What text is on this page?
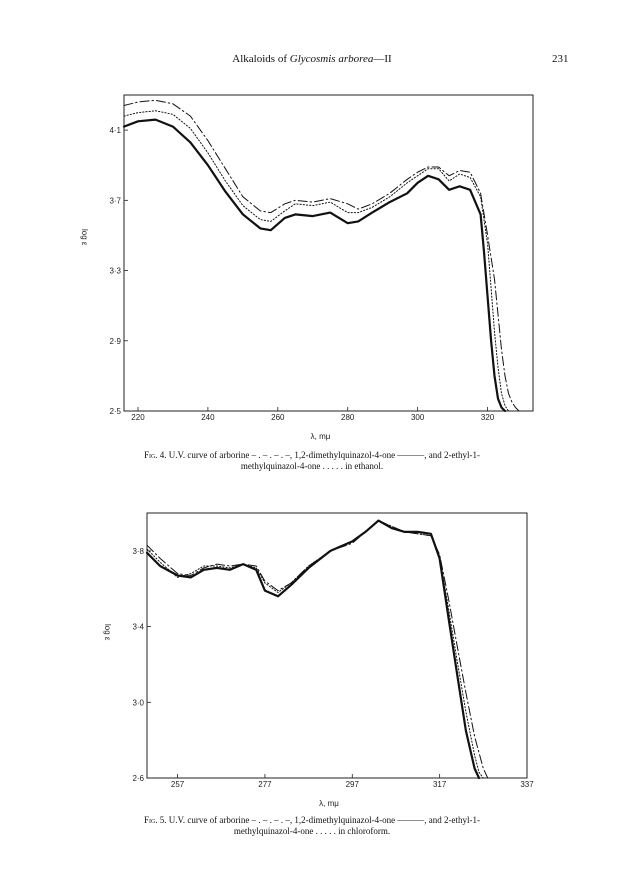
Alkaloids of Glycosmis arborea—II	231
220	240	260	280	300	320
2·5
2·9
3·3
3·7
4·1
λ, mμ
log ε
Fig. 4. U.V. curve of arborine – . – . – . –, 1,2-dimethylquinazol-4-one ———, and 2-ethyl-1-
methylquinazol-4-one . . . . . in ethanol.
257	277	297	317	337
2·6
3·0
3·4
3·8
λ, mμ
log ε
Fig. 5. U.V. curve of arborine – . – . – . –, 1,2-dimethylquinazol-4-one ———, and 2-ethyl-1-
methylquinazol-4-one . . . . . in chloroform.
